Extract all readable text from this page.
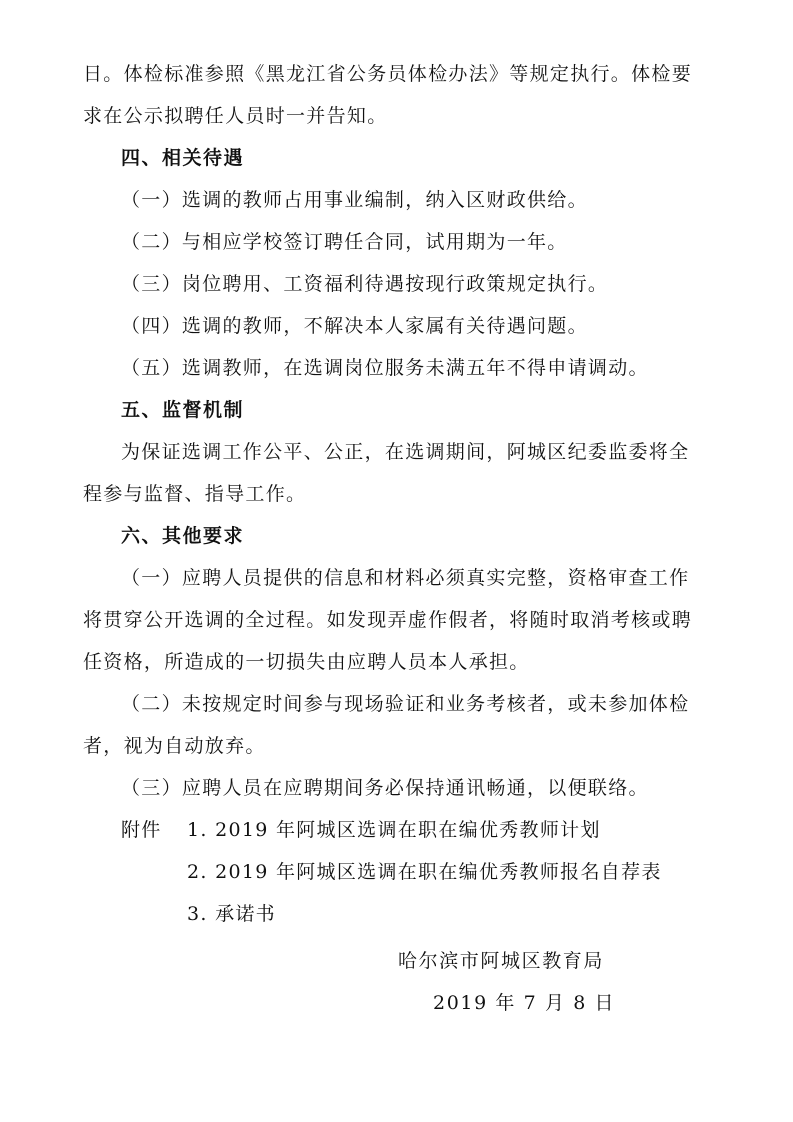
日。体检标准参照《黑龙江省公务员体检办法》等规定执行。体检要
求在公示拟聘任人员时一并告知。
四、相关待遇
（一）选调的教师占用事业编制，纳入区财政供给。
（二）与相应学校签订聘任合同，试用期为一年。
（三）岗位聘用、工资福利待遇按现行政策规定执行。
（四）选调的教师，不解决本人家属有关待遇问题。
（五）选调教师，在选调岗位服务未满五年不得申请调动。
五、监督机制
为保证选调工作公平、公正，在选调期间，阿城区纪委监委将全
程参与监督、指导工作。
六、其他要求
（一）应聘人员提供的信息和材料必须真实完整，资格审查工作
将贯穿公开选调的全过程。如发现弄虚作假者，将随时取消考核或聘
任资格，所造成的一切损失由应聘人员本人承担。
（二）未按规定时间参与现场验证和业务考核者，或未参加体检
者，视为自动放弃。
（三）应聘人员在应聘期间务必保持通讯畅通，以便联络。
附件 1. 2019 年阿城区选调在职在编优秀教师计划
2. 2019 年阿城区选调在职在编优秀教师报名自荐表
3. 承诺书
哈尔滨市阿城区教育局
2019 年 7 月 8 日
